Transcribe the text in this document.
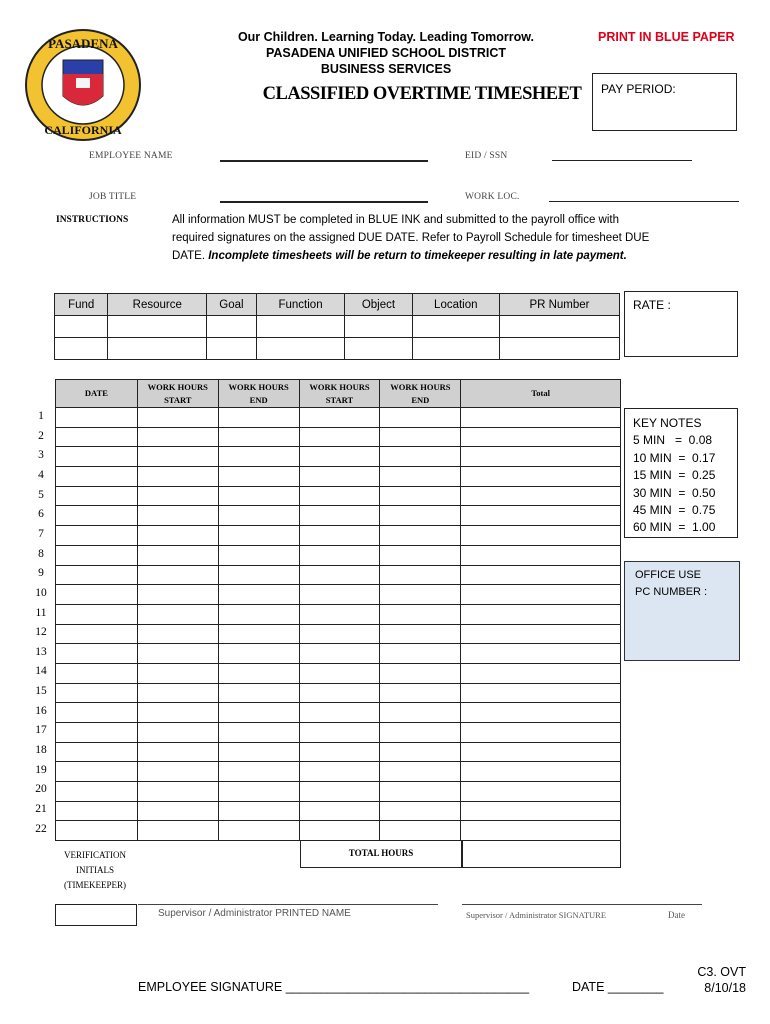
PASADENA
CALIFORNIA
Our Children. Learning Today. Leading Tomorrow.
PASADENA UNIFIED SCHOOL DISTRICT
BUSINESS SERVICES
PRINT IN BLUE PAPER
CLASSIFIED OVERTIME TIMESHEET	PAY PERIOD:
EMPLOYEE NAME	EID / SSN
JOB TITLE	WORK LOC.
INSTRUCTIONS	All information MUST be completed in BLUE INK and submitted to the payroll office with required signatures on the assigned DUE DATE. Refer to Payroll Schedule for timesheet DUE DATE. Incomplete timesheets will be return to timekeeper resulting in late payment.
Fund	Resource	Goal	Function	Object	Location	PR Number

							RATE :
DATE	WORK HOURS START	WORK HOURS END	WORK HOURS START	WORK HOURS END	Total

1
2
3
4
5
6
7
8
9
10
11
12
13
14
15
16
17
18
19
20
21
22
TOTAL HOURS
VERIFICATION INITIALS (TIMEKEEPER)
KEY NOTES
5 MIN   =  0.08
10 MIN  =  0.17
15 MIN  =  0.25
30 MIN  =  0.50
45 MIN  =  0.75
60 MIN  =  1.00
OFFICE USE
PC NUMBER :
Supervisor / Administrator PRINTED NAME	Supervisor / Administrator SIGNATURE	Date
EMPLOYEE SIGNATURE ___________________________________	DATE ________
C3. OVT
8/10/18
